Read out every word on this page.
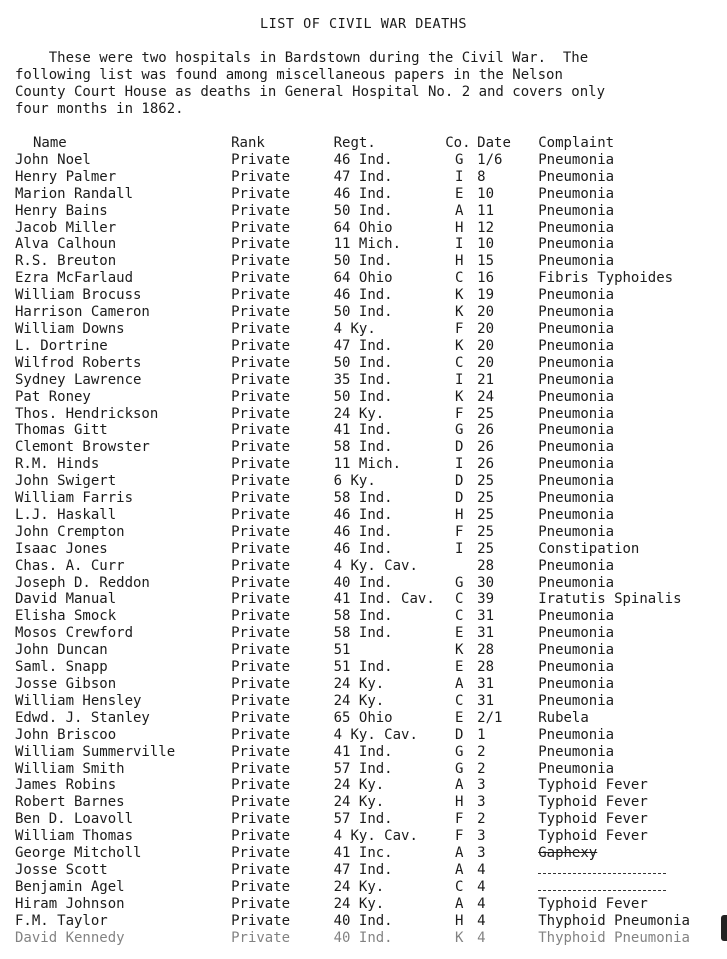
LIST OF CIVIL WAR DEATHS
These were two hospitals in Bardstown during the Civil War.  The
following list was found among miscellaneous papers in the Nelson
County Court House as deaths in General Hospital No. 2 and covers only
four months in 1862.
Name	Rank	Regt.	Co.	Date	Complaint
John Noel	Private	46 Ind.	G	1/6	Pneumonia
Henry Palmer	Private	47 Ind.	I	8	Pneumonia
Marion Randall	Private	46 Ind.	E	10	Pneumonia
Henry Bains	Private	50 Ind.	A	11	Pneumonia
Jacob Miller	Private	64 Ohio	H	12	Pneumonia
Alva Calhoun	Private	11 Mich.	I	10	Pneumonia
R.S. Breuton	Private	50 Ind.	H	15	Pneumonia
Ezra McFarlaud	Private	64 Ohio	C	16	Fibris Typhoides
William Brocuss	Private	46 Ind.	K	19	Pneumonia
Harrison Cameron	Private	50 Ind.	K	20	Pneumonia
William Downs	Private	4 Ky.	F	20	Pneumonia
L. Dortrine	Private	47 Ind.	K	20	Pneumonia
Wilfrod Roberts	Private	50 Ind.	C	20	Pneumonia
Sydney Lawrence	Private	35 Ind.	I	21	Pneumonia
Pat Roney	Private	50 Ind.	K	24	Pneumonia
Thos. Hendrickson	Private	24 Ky.	F	25	Pneumonia
Thomas Gitt	Private	41 Ind.	G	26	Pneumonia
Clemont Browster	Private	58 Ind.	D	26	Pneumonia
R.M. Hinds	Private	11 Mich.	I	26	Pneumonia
John Swigert	Private	6 Ky.	D	25	Pneumonia
William Farris	Private	58 Ind.	D	25	Pneumonia
L.J. Haskall	Private	46 Ind.	H	25	Pneumonia
John Crempton	Private	46 Ind.	F	25	Pneumonia
Isaac Jones	Private	46 Ind.	I	25	Constipation
Chas. A. Curr	Private	4 Ky. Cav.		28	Pneumonia
Joseph D. Reddon	Private	40 Ind.	G	30	Pneumonia
David Manual	Private	41 Ind. Cav.	C	39	Iratutis Spinalis
Elisha Smock	Private	58 Ind.	C	31	Pneumonia
Mosos Crewford	Private	58 Ind.	E	31	Pneumonia
John Duncan	Private	51	K	28	Pneumonia
Saml. Snapp	Private	51 Ind.	E	28	Pneumonia
Josse Gibson	Private	24 Ky.	A	31	Pneumonia
William Hensley	Private	24 Ky.	C	31	Pneumonia
Edwd. J. Stanley	Private	65 Ohio	E	2/1	Rubela
John Briscoo	Private	4 Ky. Cav.	D	1	Pneumonia
William Summerville	Private	41 Ind.	G	2	Pneumonia
William Smith	Private	57 Ind.	G	2	Pneumonia
James Robins	Private	24 Ky.	A	3	Typhoid Fever
Robert Barnes	Private	24 Ky.	H	3	Typhoid Fever
Ben D. Loavoll	Private	57 Ind.	F	2	Typhoid Fever
William Thomas	Private	4 Ky. Cav.	F	3	Typhoid Fever
George Mitcholl	Private	41 Inc.	A	3	Gaphexy
Josse Scott	Private	47 Ind.	A	4	
Benjamin Agel	Private	24 Ky.	C	4	
Hiram Johnson	Private	24 Ky.	A	4	Typhoid Fever
F.M. Taylor	Private	40 Ind.	H	4	Thyphoid Pneumonia
David Kennedy	Private	40 Ind.	K	4	Thyphoid Pneumonia
